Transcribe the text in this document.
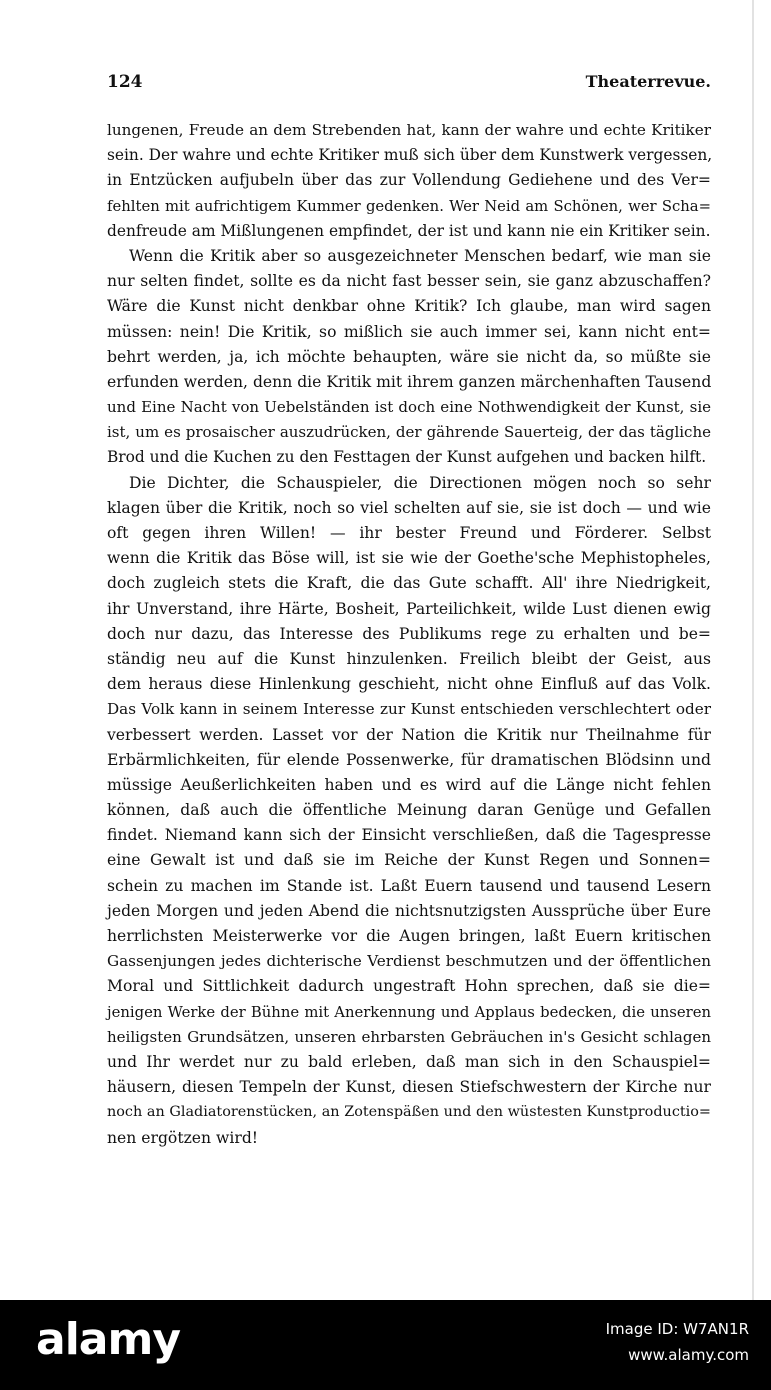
124	Theaterrevue.
lungenen, Freude an dem Strebenden hat, kann der wahre und echte Kritiker
sein. Der wahre und echte Kritiker muß sich über dem Kunstwerk vergessen,
in Entzücken aufjubeln über das zur Vollendung Gediehene und des Ver=
fehlten mit aufrichtigem Kummer gedenken. Wer Neid am Schönen, wer Scha=
denfreude am Mißlungenen empfindet, der ist und kann nie ein Kritiker sein.
Wenn die Kritik aber so ausgezeichneter Menschen bedarf, wie man sie
nur selten findet, sollte es da nicht fast besser sein, sie ganz abzuschaffen?
Wäre die Kunst nicht denkbar ohne Kritik? Ich glaube, man wird sagen
müssen: nein! Die Kritik, so mißlich sie auch immer sei, kann nicht ent=
behrt werden, ja, ich möchte behaupten, wäre sie nicht da, so müßte sie
erfunden werden, denn die Kritik mit ihrem ganzen märchenhaften Tausend
und Eine Nacht von Uebelständen ist doch eine Nothwendigkeit der Kunst, sie
ist, um es prosaischer auszudrücken, der gährende Sauerteig, der das tägliche
Brod und die Kuchen zu den Festtagen der Kunst aufgehen und backen hilft.
Die Dichter, die Schauspieler, die Directionen mögen noch so sehr
klagen über die Kritik, noch so viel schelten auf sie, sie ist doch — und wie
oft gegen ihren Willen! — ihr bester Freund und Förderer. Selbst
wenn die Kritik das Böse will, ist sie wie der Goethe'sche Mephistopheles,
doch zugleich stets die Kraft, die das Gute schafft. All' ihre Niedrigkeit,
ihr Unverstand, ihre Härte, Bosheit, Parteilichkeit, wilde Lust dienen ewig
doch nur dazu, das Interesse des Publikums rege zu erhalten und be=
ständig neu auf die Kunst hinzulenken. Freilich bleibt der Geist, aus
dem heraus diese Hinlenkung geschieht, nicht ohne Einfluß auf das Volk.
Das Volk kann in seinem Interesse zur Kunst entschieden verschlechtert oder
verbessert werden. Lasset vor der Nation die Kritik nur Theilnahme für
Erbärmlichkeiten, für elende Possenwerke, für dramatischen Blödsinn und
müssige Aeußerlichkeiten haben und es wird auf die Länge nicht fehlen
können, daß auch die öffentliche Meinung daran Genüge und Gefallen
findet. Niemand kann sich der Einsicht verschließen, daß die Tagespresse
eine Gewalt ist und daß sie im Reiche der Kunst Regen und Sonnen=
schein zu machen im Stande ist. Laßt Euern tausend und tausend Lesern
jeden Morgen und jeden Abend die nichtsnutzigsten Aussprüche über Eure
herrlichsten Meisterwerke vor die Augen bringen, laßt Euern kritischen
Gassenjungen jedes dichterische Verdienst beschmutzen und der öffentlichen
Moral und Sittlichkeit dadurch ungestraft Hohn sprechen, daß sie die=
jenigen Werke der Bühne mit Anerkennung und Applaus bedecken, die unseren
heiligsten Grundsätzen, unseren ehrbarsten Gebräuchen in's Gesicht schlagen
und Ihr werdet nur zu bald erleben, daß man sich in den Schauspiel=
häusern, diesen Tempeln der Kunst, diesen Stiefschwestern der Kirche nur
noch an Gladiatorenstücken, an Zotenspäßen und den wüstesten Kunstproductio=
nen ergötzen wird!
alamy	Image ID: W7AN1R
www.alamy.com
